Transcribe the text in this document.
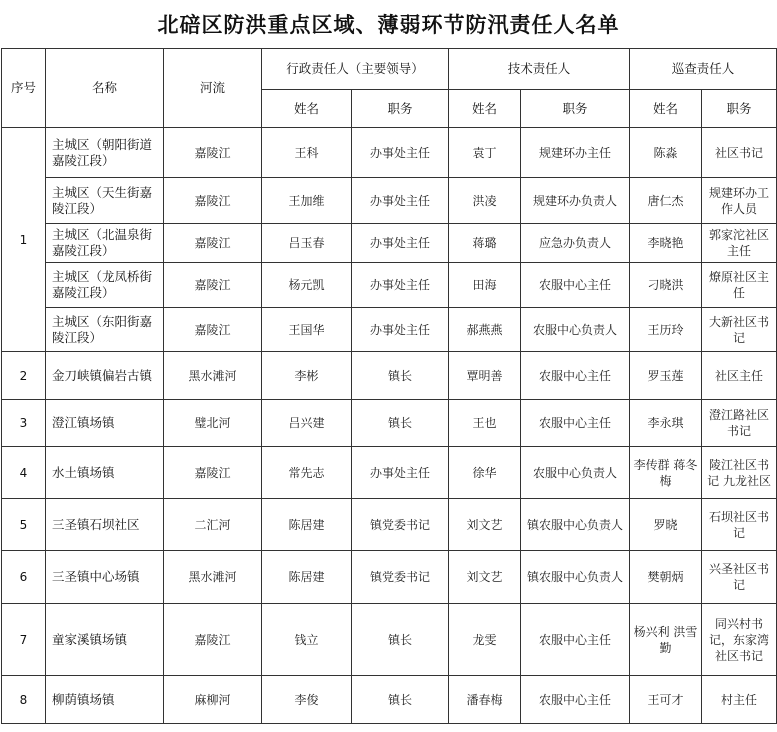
北碚区防洪重点区域、薄弱环节防汛责任人名单
序号	名称	河流	行政责任人（主要领导）		技术责任人		巡查责任人	
			姓名	职务	姓名	职务	姓名	职务
1	主城区（朝阳街道嘉陵江段）	嘉陵江	王科	办事处主任	袁丁	规建环办主任	陈淼	社区书记
	主城区（天生街嘉陵江段）	嘉陵江	王加维	办事处主任	洪凌	规建环办负责人	唐仁杰	规建环办工作人员
	主城区（北温泉街嘉陵江段）	嘉陵江	吕玉春	办事处主任	蒋璐	应急办负责人	李晓艳	郭家沱社区主任
	主城区（龙凤桥街嘉陵江段）	嘉陵江	杨元凯	办事处主任	田海	农服中心主任	刁晓洪	燎原社区主任
	主城区（东阳街嘉陵江段）	嘉陵江	王国华	办事处主任	郝燕燕	农服中心负责人	王历玲	大新社区书记
2	金刀峡镇偏岩古镇	黑水滩河	李彬	镇长	覃明善	农服中心主任	罗玉莲	社区主任
3	澄江镇场镇	璧北河	吕兴建	镇长	王也	农服中心主任	李永琪	澄江路社区书记
4	水土镇场镇	嘉陵江	常先志	办事处主任	徐华	农服中心负责人	李传群 蒋冬梅	陵江社区书记 九龙社区
5	三圣镇石坝社区	二汇河	陈居建	镇党委书记	刘文艺	镇农服中心负责人	罗晓	石坝社区书记
6	三圣镇中心场镇	黑水滩河	陈居建	镇党委书记	刘文艺	镇农服中心负责人	樊朝炳	兴圣社区书记
7	童家溪镇场镇	嘉陵江	钱立	镇长	龙雯	农服中心主任	杨兴利 洪雪勤	同兴村书记，东家湾社区书记
8	柳荫镇场镇	麻柳河	李俊	镇长	潘春梅	农服中心主任	王可才	村主任
